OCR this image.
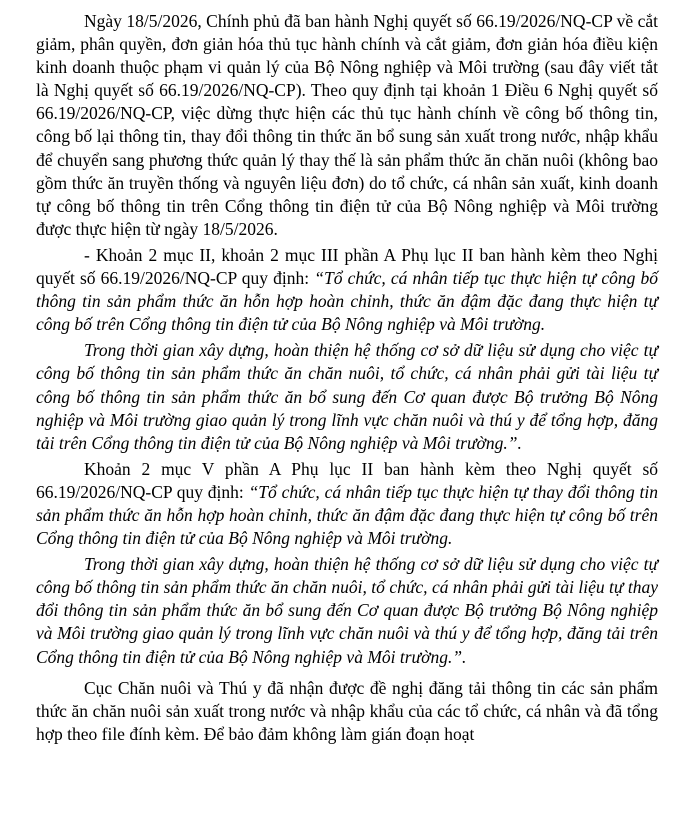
Ngày 18/5/2026, Chính phủ đã ban hành Nghị quyết số 66.19/2026/NQ-CP về cắt giảm, phân quyền, đơn giản hóa thủ tục hành chính và cắt giảm, đơn giản hóa điều kiện kinh doanh thuộc phạm vi quản lý của Bộ Nông nghiệp và Môi trường (sau đây viết tắt là Nghị quyết số 66.19/2026/NQ-CP). Theo quy định tại khoản 1 Điều 6 Nghị quyết số 66.19/2026/NQ-CP, việc dừng thực hiện các thủ tục hành chính về công bố thông tin, công bố lại thông tin, thay đổi thông tin thức ăn bổ sung sản xuất trong nước, nhập khẩu để chuyển sang phương thức quản lý thay thế là sản phẩm thức ăn chăn nuôi (không bao gồm thức ăn truyền thống và nguyên liệu đơn) do tổ chức, cá nhân sản xuất, kinh doanh tự công bố thông tin trên Cổng thông tin điện tử của Bộ Nông nghiệp và Môi trường được thực hiện từ ngày 18/5/2026.

- Khoản 2 mục II, khoản 2 mục III phần A Phụ lục II ban hành kèm theo Nghị quyết số 66.19/2026/NQ-CP quy định: “Tổ chức, cá nhân tiếp tục thực hiện tự công bố thông tin sản phẩm thức ăn hỗn hợp hoàn chỉnh, thức ăn đậm đặc đang thực hiện tự công bố trên Cổng thông tin điện tử của Bộ Nông nghiệp và Môi trường.

Trong thời gian xây dựng, hoàn thiện hệ thống cơ sở dữ liệu sử dụng cho việc tự công bố thông tin sản phẩm thức ăn chăn nuôi, tổ chức, cá nhân phải gửi tài liệu tự công bố thông tin sản phẩm thức ăn bổ sung đến Cơ quan được Bộ trưởng Bộ Nông nghiệp và Môi trường giao quản lý trong lĩnh vực chăn nuôi và thú y để tổng hợp, đăng tải trên Cổng thông tin điện tử của Bộ Nông nghiệp và Môi trường.”.

Khoản 2 mục V phần A Phụ lục II ban hành kèm theo Nghị quyết số 66.19/2026/NQ-CP quy định: “Tổ chức, cá nhân tiếp tục thực hiện tự thay đổi thông tin sản phẩm thức ăn hỗn hợp hoàn chỉnh, thức ăn đậm đặc đang thực hiện tự công bố trên Cổng thông tin điện tử của Bộ Nông nghiệp và Môi trường.

Trong thời gian xây dựng, hoàn thiện hệ thống cơ sở dữ liệu sử dụng cho việc tự công bố thông tin sản phẩm thức ăn chăn nuôi, tổ chức, cá nhân phải gửi tài liệu tự thay đổi thông tin sản phẩm thức ăn bổ sung đến Cơ quan được Bộ trưởng Bộ Nông nghiệp và Môi trường giao quản lý trong lĩnh vực chăn nuôi và thú y để tổng hợp, đăng tải trên Cổng thông tin điện tử của Bộ Nông nghiệp và Môi trường.”.

Cục Chăn nuôi và Thú y đã nhận được đề nghị đăng tải thông tin các sản phẩm thức ăn chăn nuôi sản xuất trong nước và nhập khẩu của các tổ chức, cá nhân và đã tổng hợp theo file đính kèm. Để bảo đảm không làm gián đoạn hoạt
